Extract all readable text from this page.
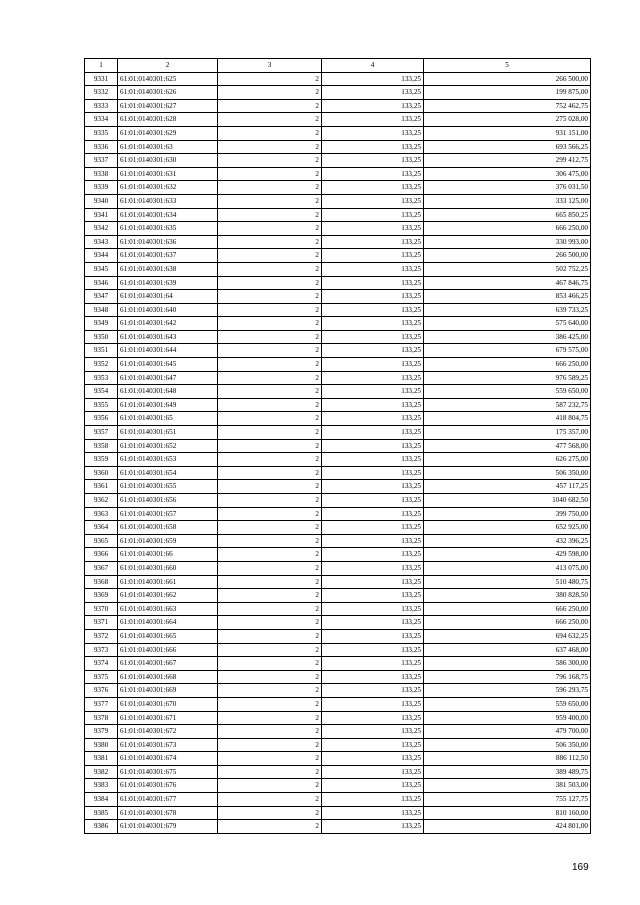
1	2	3	4	5
9331	61:01:0140301:625	2	133,25	266 500,00
9332	61:01:0140301:626	2	133,25	199 875,00
9333	61:01:0140301:627	2	133,25	752 462,75
9334	61:01:0140301:628	2	133,25	275 028,00
9335	61:01:0140301:629	2	133,25	931 151,00
9336	61:01:0140301:63	2	133,25	693 566,25
9337	61:01:0140301:630	2	133,25	299 412,75
9338	61:01:0140301:631	2	133,25	306 475,00
9339	61:01:0140301:632	2	133,25	376 031,50
9340	61:01:0140301:633	2	133,25	333 125,00
9341	61:01:0140301:634	2	133,25	665 850,25
9342	61:01:0140301:635	2	133,25	666 250,00
9343	61:01:0140301:636	2	133,25	330 993,00
9344	61:01:0140301:637	2	133,25	266 500,00
9345	61:01:0140301:638	2	133,25	502 752,25
9346	61:01:0140301:639	2	133,25	467 846,75
9347	61:01:0140301:64	2	133,25	853 466,25
9348	61:01:0140301:640	2	133,25	639 733,25
9349	61:01:0140301:642	2	133,25	575 640,00
9350	61:01:0140301:643	2	133,25	386 425,00
9351	61:01:0140301:644	2	133,25	679 575,00
9352	61:01:0140301:645	2	133,25	666 250,00
9353	61:01:0140301:647	2	133,25	976 589,25
9354	61:01:0140301:648	2	133,25	559 650,00
9355	61:01:0140301:649	2	133,25	587 232,75
9356	61:01:0140301:65	2	133,25	418 804,75
9357	61:01:0140301:651	2	133,25	175 357,00
9358	61:01:0140301:652	2	133,25	477 568,00
9359	61:01:0140301:653	2	133,25	626 275,00
9360	61:01:0140301:654	2	133,25	506 350,00
9361	61:01:0140301:655	2	133,25	457 117,25
9362	61:01:0140301:656	2	133,25	1040 682,50
9363	61:01:0140301:657	2	133,25	399 750,00
9364	61:01:0140301:658	2	133,25	652 925,00
9365	61:01:0140301:659	2	133,25	432 396,25
9366	61:01:0140301:66	2	133,25	429 598,00
9367	61:01:0140301:660	2	133,25	413 075,00
9368	61:01:0140301:661	2	133,25	510 480,75
9369	61:01:0140301:662	2	133,25	380 828,50
9370	61:01:0140301:663	2	133,25	666 250,00
9371	61:01:0140301:664	2	133,25	666 250,00
9372	61:01:0140301:665	2	133,25	694 632,25
9373	61:01:0140301:666	2	133,25	637 468,00
9374	61:01:0140301:667	2	133,25	586 300,00
9375	61:01:0140301:668	2	133,25	796 168,75
9376	61:01:0140301:669	2	133,25	596 293,75
9377	61:01:0140301:670	2	133,25	559 650,00
9378	61:01:0140301:671	2	133,25	959 400,00
9379	61:01:0140301:672	2	133,25	479 700,00
9380	61:01:0140301:673	2	133,25	506 350,00
9381	61:01:0140301:674	2	133,25	886 112,50
9382	61:01:0140301:675	2	133,25	389 489,75
9383	61:01:0140301:676	2	133,25	381 503,00
9384	61:01:0140301:677	2	133,25	755 127,75
9385	61:01:0140301:678	2	133,25	810 160,00
9386	61:01:0140301:679	2	133,25	424 801,00
169
